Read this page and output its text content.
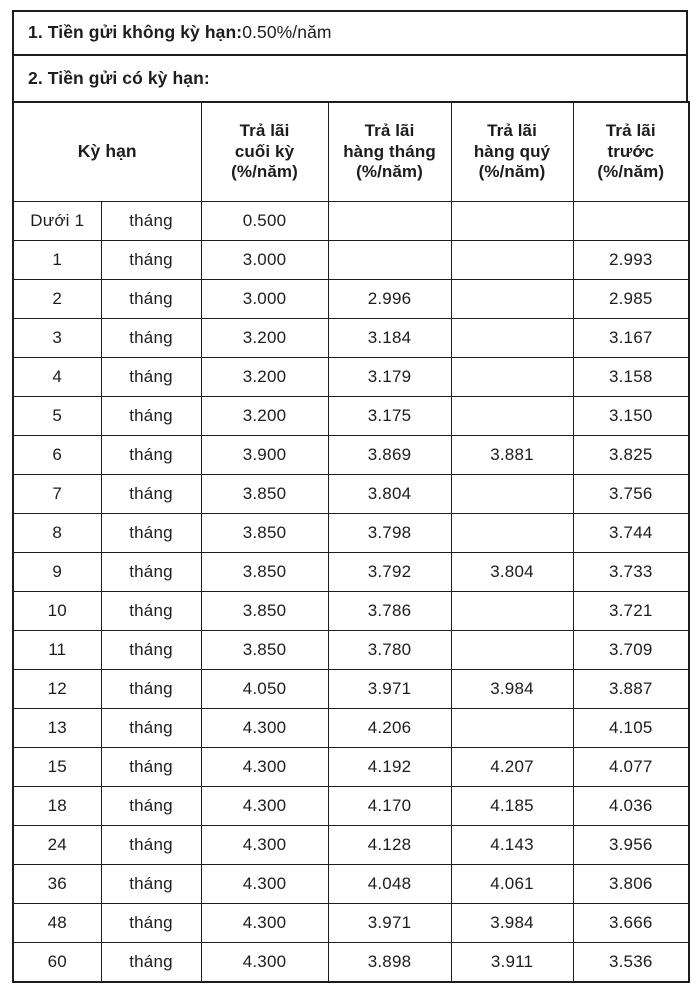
1. Tiền gửi không kỳ hạn:0.50%/năm
2. Tiền gửi có kỳ hạn:
Kỳ hạn		Trả lãi
cuối kỳ
(%/năm)	Trả lãi
hàng tháng
(%/năm)	Trả lãi
hàng quý
(%/năm)	Trả lãi
trước
(%/năm)

Dưới 1	tháng	0.500			
1	tháng	3.000			2.993
2	tháng	3.000	2.996		2.985
3	tháng	3.200	3.184		3.167
4	tháng	3.200	3.179		3.158
5	tháng	3.200	3.175		3.150
6	tháng	3.900	3.869	3.881	3.825
7	tháng	3.850	3.804		3.756
8	tháng	3.850	3.798		3.744
9	tháng	3.850	3.792	3.804	3.733
10	tháng	3.850	3.786		3.721
11	tháng	3.850	3.780		3.709
12	tháng	4.050	3.971	3.984	3.887
13	tháng	4.300	4.206		4.105
15	tháng	4.300	4.192	4.207	4.077
18	tháng	4.300	4.170	4.185	4.036
24	tháng	4.300	4.128	4.143	3.956
36	tháng	4.300	4.048	4.061	3.806
48	tháng	4.300	3.971	3.984	3.666
60	tháng	4.300	3.898	3.911	3.536
